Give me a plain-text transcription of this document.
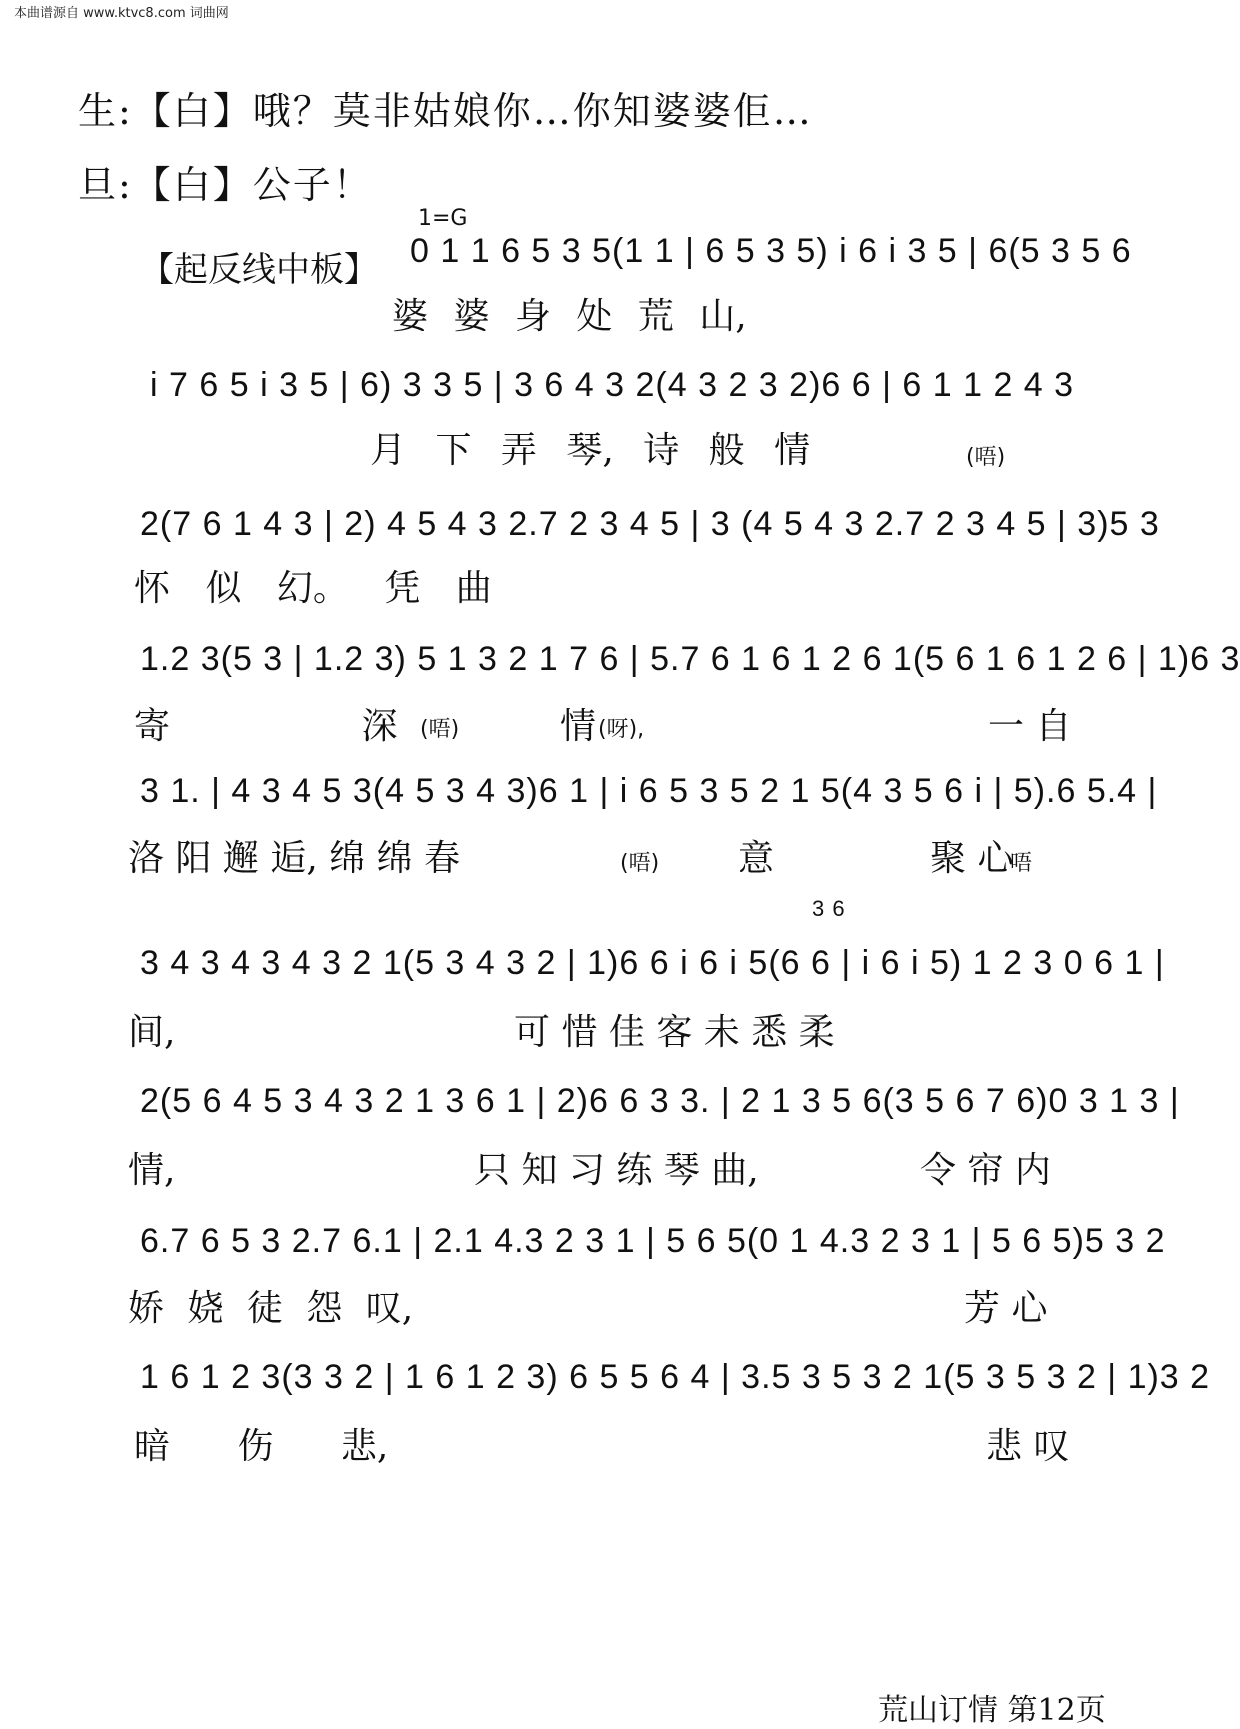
本曲谱源自 www.ktvc8.com 词曲网
生:【白】哦？莫非姑娘你…你知婆婆佢…
旦:【白】公子！
1=G
【起反线中板】 0 1 1 6 5 3 5(1 1 | 6 5 3 5) i 6 i 3 5 | 6(5 3 5 6
婆 婆 身 处 荒 山,
i 7 6 5 i 3 5 | 6) 3 3 5 | 3 6 4 3 2(4 3 2 3 2)6 6 | 6 1 1 2 4 3
月 下 弄 琴, 诗 般 情	(唔)
2(7 6 1 4 3 | 2) 4 5 4 3 2.7 2 3 4 5 | 3 (4 5 4 3 2.7 2 3 4 5 | 3)5 3
怀 似 幻。 凭 曲
1.2 3(5 3 | 1.2 3) 5 1 3 2 1 7 6 | 5.7 6 1 6 1 2 6 1(5 6 1 6 1 2 6 | 1)6 3
寄 深 (唔)	情 (呀),	一 自
3 1. | 4 3 4 5 3(4 5 3 4 3)6 1 | i 6 5 3 5 2 1 5(4 3 5 6 i | 5).6 5.4 |
洛 阳 邂 逅, 绵 绵 春	(唔) 意	聚 心
唔
3 6
3 4 3 4 3 4 3 2 1(5 3 4 3 2 | 1)6 6 i 6 i 5(6 6 | i 6 i 5) 1 2 3 0 6 1 |
间,	可 惜 佳 客 未 悉 柔
2(5 6 4 5 3 4 3 2 1 3 6 1 | 2)6 6 3 3. | 2 1 3 5 6(3 5 6 7 6)0 3 1 3 |
情,	只 知 习 练 琴 曲,	令 帘 内
6.7 6 5 3 2.7 6.1 | 2.1 4.3 2 3 1 | 5 6 5(0 1 4.3 2 3 1 | 5 6 5)5 3 2
娇 娆 徒 怨 叹,	芳 心
1 6 1 2 3(3 3 2 | 1 6 1 2 3) 6 5 5 6 4 | 3.5 3 5 3 2 1(5 3 5 3 2 | 1)3 2
暗 伤 悲,	悲 叹
荒山订情 第12页
